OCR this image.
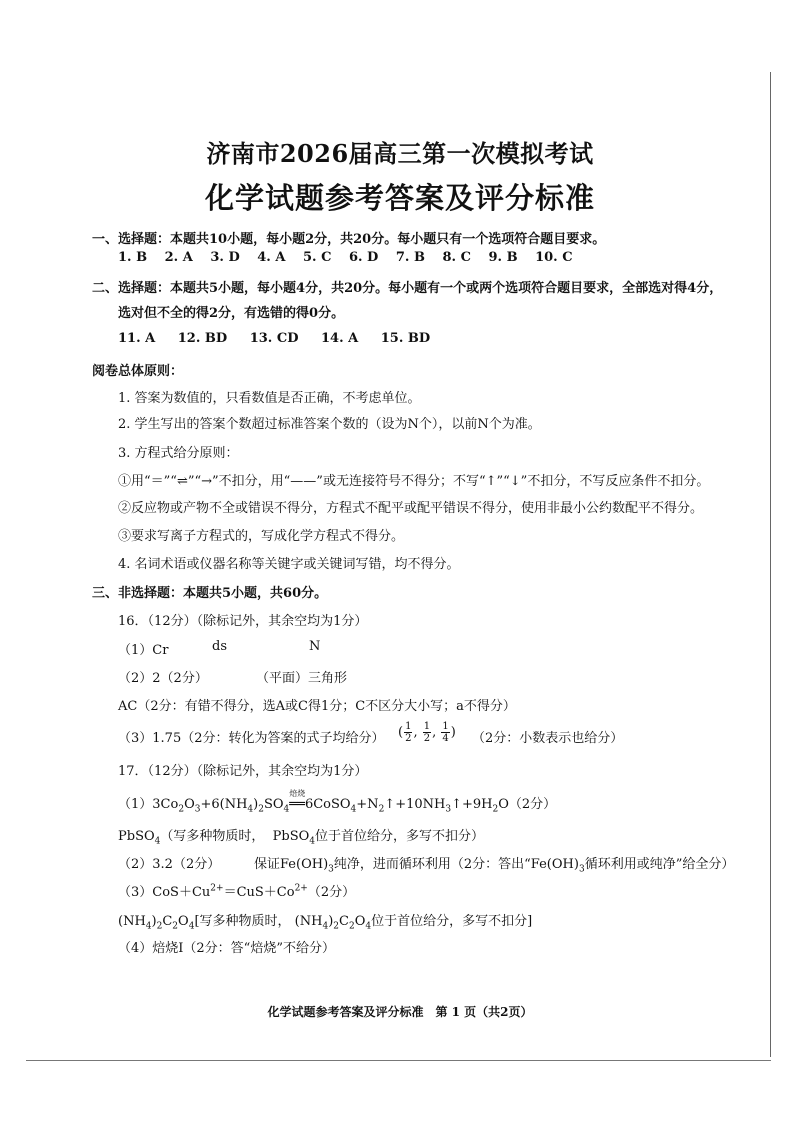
济南市2026届高三第一次模拟考试
化学试题参考答案及评分标准
一、选择题：本题共10小题，每小题2分，共20分。每小题只有一个选项符合题目要求。
1. B 2. A 3. D 4. A 5. C 6. D 7. B 8. C 9. B 10. C
二、选择题：本题共5小题，每小题4分，共20分。每小题有一个或两个选项符合题目要求，全部选对得4分，
选对但不全的得2分，有选错的得0分。
11. A 12. BD 13. CD 14. A 15. BD
阅卷总体原则：
1. 答案为数值的，只看数值是否正确，不考虑单位。
2. 学生写出的答案个数超过标准答案个数的（设为N个），以前N个为准。
3. 方程式给分原则：
①用“＝”“⇌”“→”不扣分，用“——”或无连接符号不得分；不写“↑”“↓”不扣分，不写反应条件不扣分。
②反应物或产物不全或错误不得分，方程式不配平或配平错误不得分，使用非最小公约数配平不得分。
③要求写离子方程式的，写成化学方程式不得分。
4. 名词术语或仪器名称等关键字或关键词写错，均不得分。
三、非选择题：本题共5小题，共60分。
16．（12分）（除标记外，其余空均为1分）
（1）Cr	ds	N
（2）2（2分）	（平面）三角形
AC（2分：有错不得分，选A或C得1分；C不区分大小写；a不得分）
（3）1.75（2分：转化为答案的式子均给分） ( $\frac{1}{2}$ , $\frac{1}{2}$ , $\frac{1}{4}$ ) （2分：小数表示也给分）
17．（12分）（除标记外，其余空均为1分）
$(1)3Co_2O_3+6(NH_4)_2SO_4$
焙烧
$══6CoSO_4+N_2↑+10NH_3↑+9H_2O(2$分）
PbSO$_4$（写多种物质时， PbSO$_4$位于首位给分，多写不扣分）
（2）3.2（2分）	保证$Fe(OH)_3$纯净，进而循环利用（2分：答出“$Fe(OH)_3$循环利用或纯净”给全分）
$(3)CoS+Cu^{2+}=CuS+Co^{2+}(2$分）
$(NH_4)_2C_2O_4$[写多种物质时， $(NH_4)_2C_2O_4$位于首位给分，多写不扣分]
（4）焙烧Ⅰ（2分：答“焙烧”不给分）
化学试题参考答案及评分标准　第 1 页（共2页）
